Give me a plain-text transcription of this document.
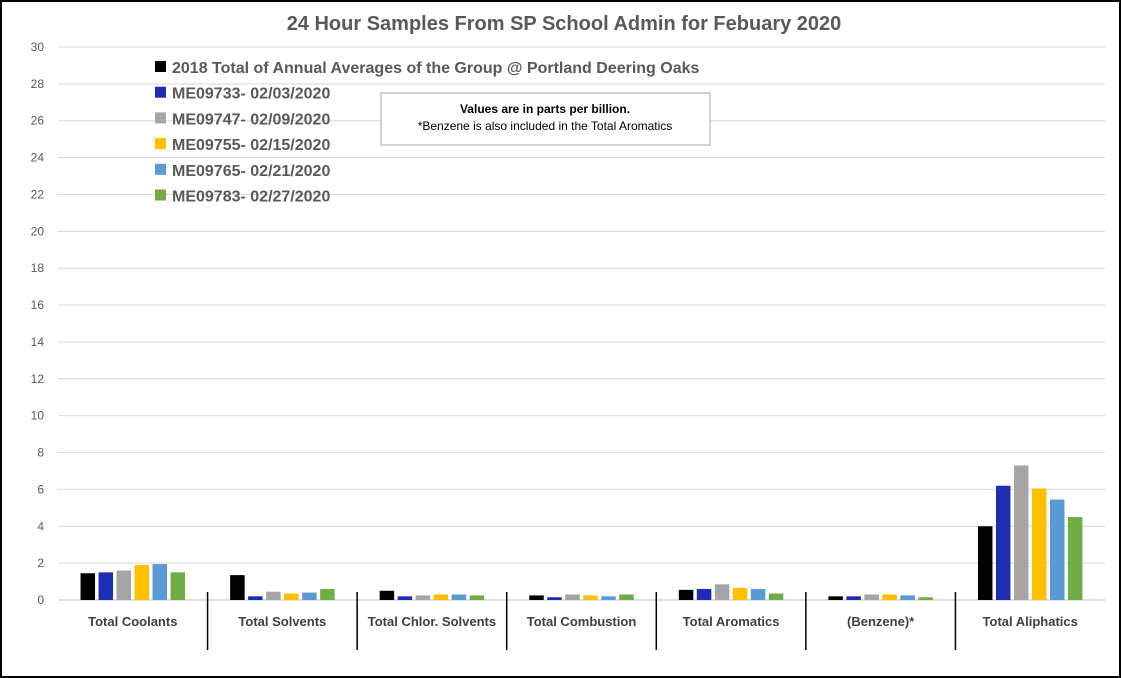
24 Hour Samples From SP School Admin for Febuary 2020
0
2
4
6
8
10
12
14
16
18
20
22
24
26
28
30
Total Coolants	Total Solvents	Total Chlor. Solvents Total Combustion	Total Aromatics	(Benzene)*	Total Aliphatics
2018 Total of Annual Averages of the Group @ Portland Deering Oaks
ME09733- 02/03/2020
ME09747- 02/09/2020
ME09755- 02/15/2020
ME09765- 02/21/2020
ME09783- 02/27/2020
Values are in parts per billion.
*Benzene is also included in the Total Aromatics
